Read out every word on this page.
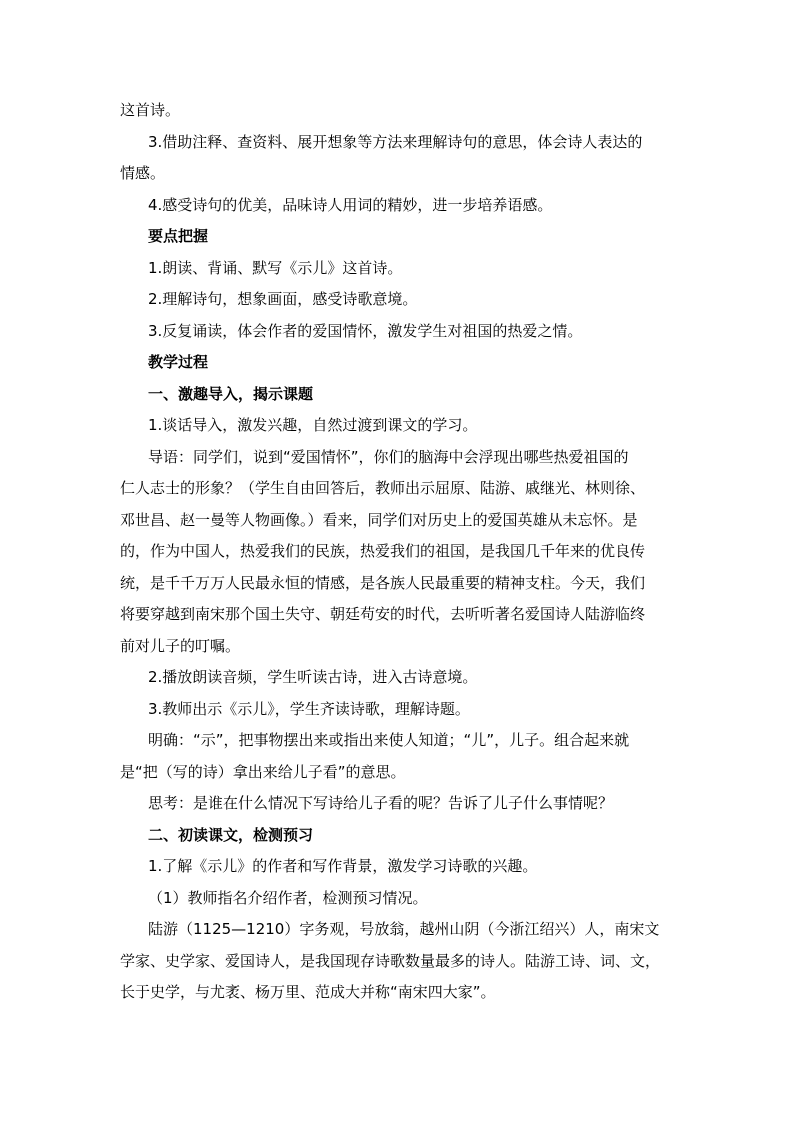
这首诗。
3.借助注释、查资料、展开想象等方法来理解诗句的意思，体会诗人表达的
情感。
4.感受诗句的优美，品味诗人用词的精妙，进一步培养语感。
要点把握
1.朗读、背诵、默写《示儿》这首诗。
2.理解诗句，想象画面，感受诗歌意境。
3.反复诵读，体会作者的爱国情怀，激发学生对祖国的热爱之情。
教学过程
一、激趣导入，揭示课题
1.谈话导入，激发兴趣，自然过渡到课文的学习。
导语：同学们，说到“爱国情怀”，你们的脑海中会浮现出哪些热爱祖国的
仁人志士的形象？（学生自由回答后，教师出示屈原、陆游、戚继光、林则徐、
邓世昌、赵一曼等人物画像。）看来，同学们对历史上的爱国英雄从未忘怀。是
的，作为中国人，热爱我们的民族，热爱我们的祖国，是我国几千年来的优良传
统，是千千万万人民最永恒的情感，是各族人民最重要的精神支柱。今天，我们
将要穿越到南宋那个国土失守、朝廷苟安的时代，去听听著名爱国诗人陆游临终
前对儿子的叮嘱。
2.播放朗读音频，学生听读古诗，进入古诗意境。
3.教师出示《示儿》，学生齐读诗歌，理解诗题。
明确：“示”，把事物摆出来或指出来使人知道；“儿”，儿子。组合起来就
是“把（写的诗）拿出来给儿子看”的意思。
思考：是谁在什么情况下写诗给儿子看的呢？告诉了儿子什么事情呢？
二、初读课文，检测预习
1.了解《示儿》的作者和写作背景，激发学习诗歌的兴趣。
（1）教师指名介绍作者，检测预习情况。
陆游（1125—1210）字务观，号放翁，越州山阴（今浙江绍兴）人，南宋文
学家、史学家、爱国诗人，是我国现存诗歌数量最多的诗人。陆游工诗、词、文，
长于史学，与尤袤、杨万里、范成大并称“南宋四大家”。
